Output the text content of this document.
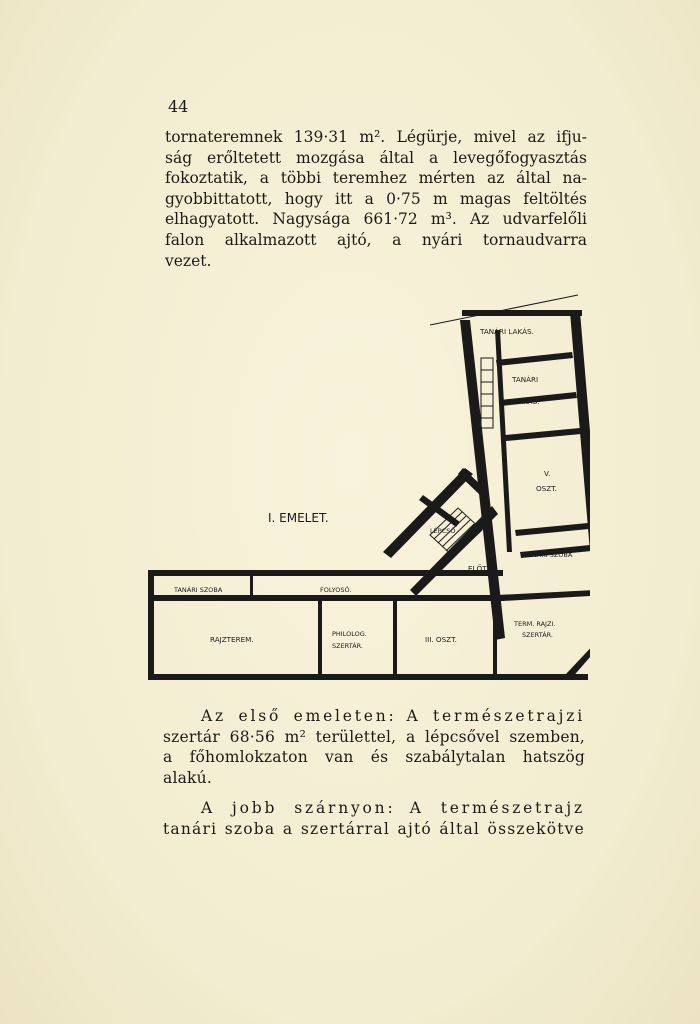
44
tornateremnek 139·31 m². Légürje, mivel az ifju-
ság erőltetett mozgása által a levegőfogyasztás
fokoztatik, a többi teremhez mérten az által na-
gyobbittatott, hogy itt a 0·75 m magas feltöltés
elhagyatott. Nagysága 661·72 m³. Az udvarfelőli
falon alkalmazott ajtó, a nyári tornaudvarra
vezet.
I. EMELET.
TANÁRI LAKÁS.
TANÁRI
LAKÁS.
V.
OSZT.
LÉPCSŐ
TANÁRI SZOBA
ELŐTER.
TANÁRI SZOBA	FOLYOSÓ.
RAJZTEREM.
PHILOLOG.
SZERTÁR.
III. OSZT.
TERM. RAJZI.
SZERTÁR.
Az első emeleten: A természetrajzi
szertár 68·56 m² területtel, a lépcsővel szemben,
a főhomlokzaton van és szabálytalan hatszög
alakú.
A jobb szárnyon: A természetrajz
tanári szoba a szertárral ajtó által összekötve
